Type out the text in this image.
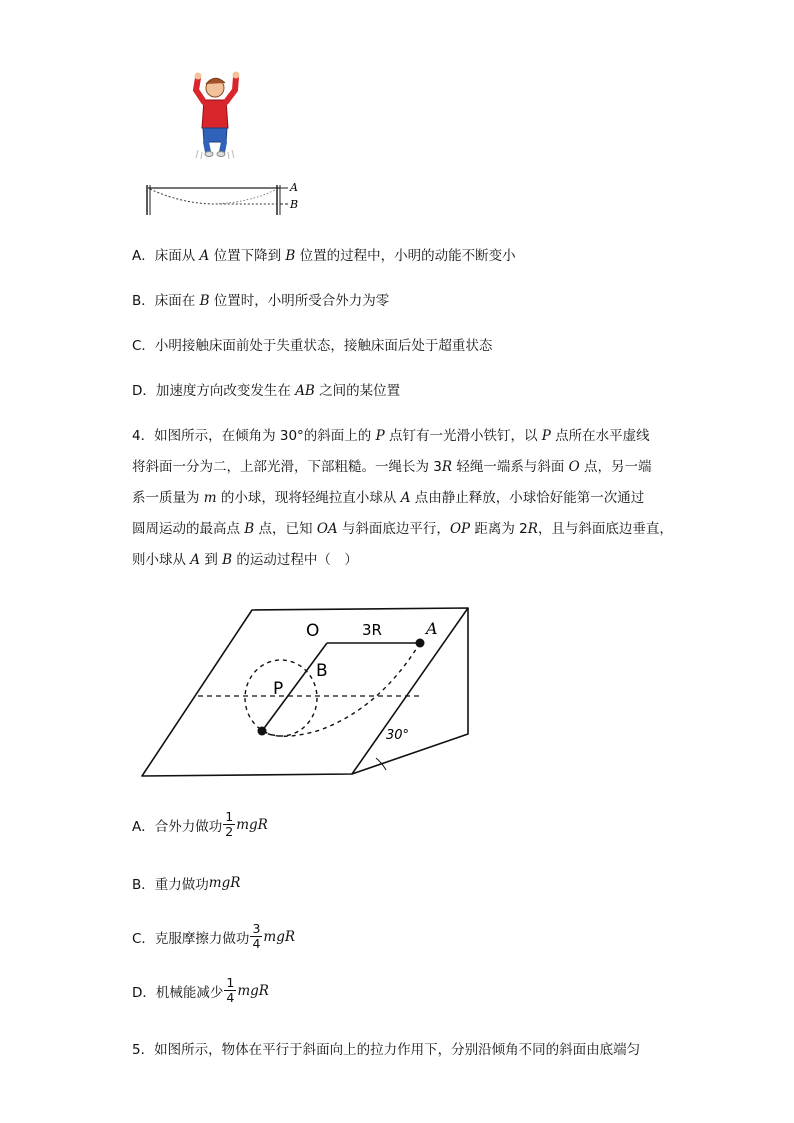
A
B
A．床面从 A 位置下降到 B 位置的过程中，小明的动能不断变小
B．床面在 B 位置时，小明所受合外力为零
C．小明接触床面前处于失重状态，接触床面后处于超重状态
D．加速度方向改变发生在 AB 之间的某位置
4．如图所示，在倾角为 30°的斜面上的 P 点钉有一光滑小铁钉，以 P 点所在水平虚线
将斜面一分为二，上部光滑，下部粗糙。一绳长为 3R 轻绳一端系与斜面 O 点，另一端
系一质量为 m 的小球，现将轻绳拉直小球从 A 点由静止释放，小球恰好能第一次通过
圆周运动的最高点 B 点，已知 OA 与斜面底边平行，OP 距离为 2R，且与斜面底边垂直，
则小球从 A 到 B 的运动过程中（　）
O	3R	A
B
P
30°
A．合外力做功 $\frac{1}{2}$ mgR
B．重力做功 mgR
C．克服摩擦力做功 $\frac{3}{4}$ mgR
D．机械能减少 $\frac{1}{4}$ mgR
5．如图所示，物体在平行于斜面向上的拉力作用下，分别沿倾角不同的斜面由底端匀
